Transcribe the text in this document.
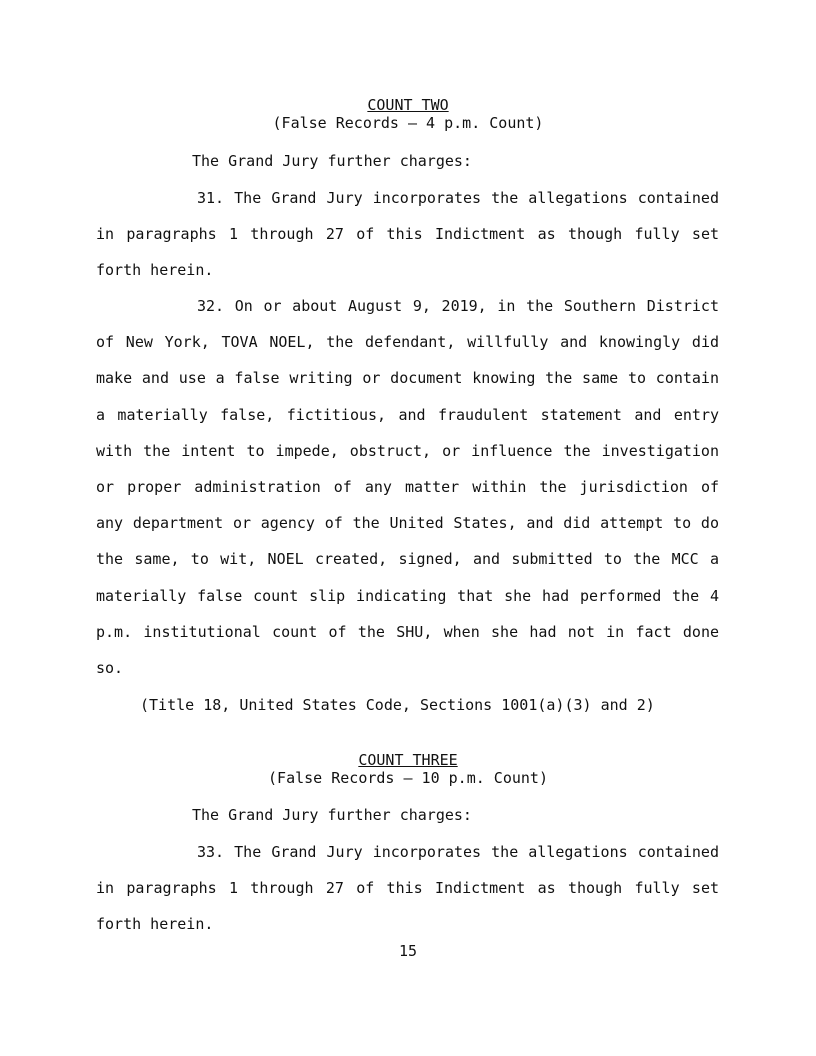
COUNT TWO
(False Records – 4 p.m. Count)
The Grand Jury further charges:

31. The Grand Jury incorporates the allegations contained in paragraphs 1 through 27 of this Indictment as though fully set forth herein.

32. On or about August 9, 2019, in the Southern District of New York, TOVA NOEL, the defendant, willfully and knowingly did make and use a false writing or document knowing the same to contain a materially false, fictitious, and fraudulent statement and entry with the intent to impede, obstruct, or influence the investigation or proper administration of any matter within the jurisdiction of any department or agency of the United States, and did attempt to do the same, to wit, NOEL created, signed, and submitted to the MCC a materially false count slip indicating that she had performed the 4 p.m. institutional count of the SHU, when she had not in fact done so.

(Title 18, United States Code, Sections 1001(a)(3) and 2)
COUNT THREE
(False Records – 10 p.m. Count)
The Grand Jury further charges:

33. The Grand Jury incorporates the allegations contained in paragraphs 1 through 27 of this Indictment as though fully set forth herein.

15
